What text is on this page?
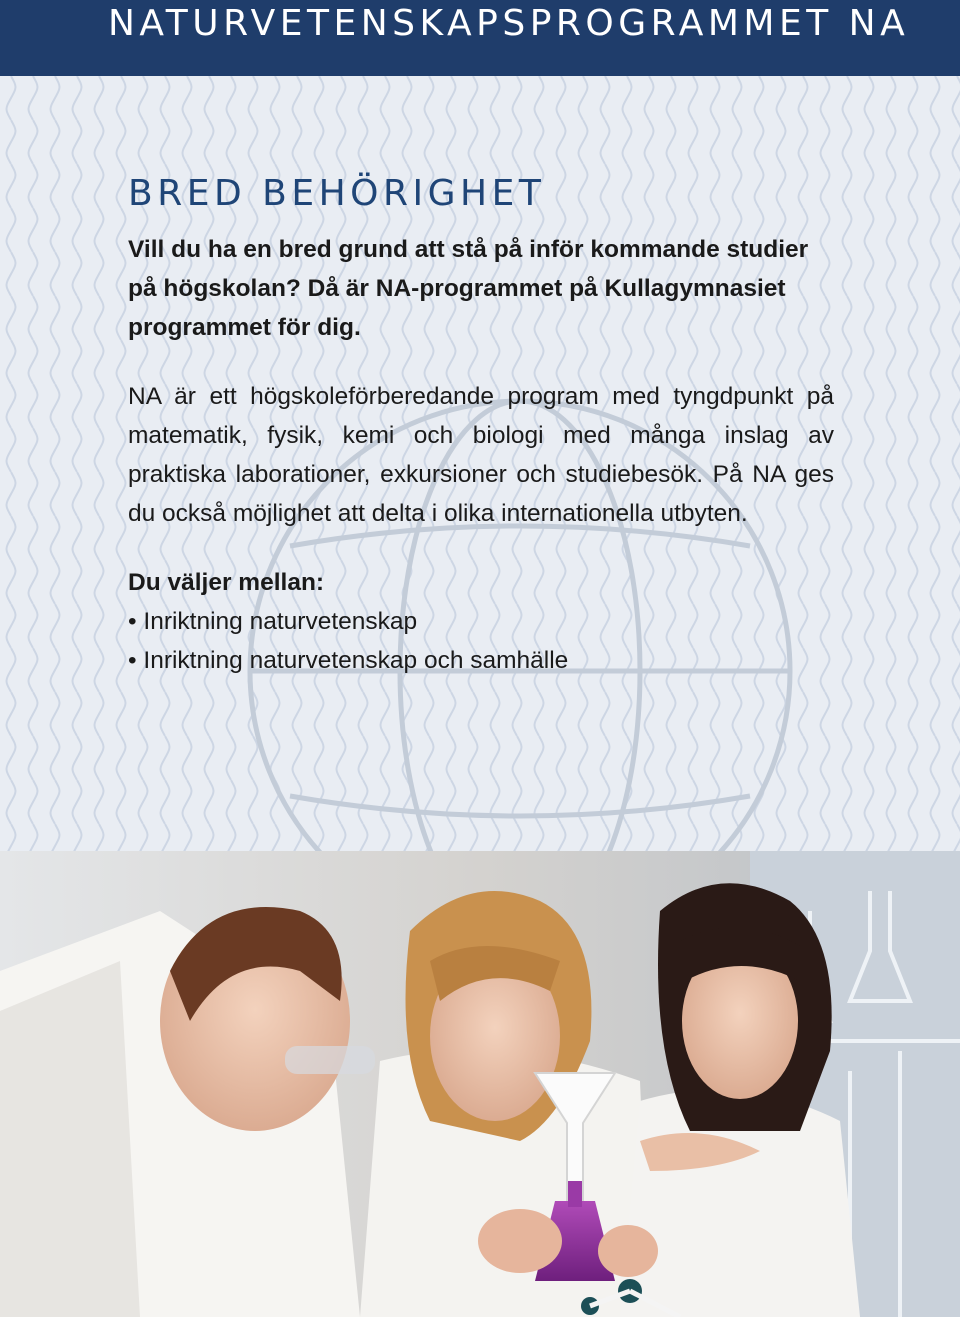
NATURVETENSKAPSPROGRAMMET NA
BRED BEHÖRIGHET

Vill du ha en bred grund att stå på inför kommande studier på högskolan? Då är NA-programmet på Kullagymnasiet programmet för dig.

NA är ett högskoleförberedande program med tyngdpunkt på matematik, fysik, kemi och biologi med många inslag av praktiska laborationer, exkursioner och studiebesök. På NA ges du också möjlighet att delta i olika internationella utbyten.

Du väljer mellan:

• Inriktning naturvetenskap
• Inriktning naturvetenskap och samhälle
